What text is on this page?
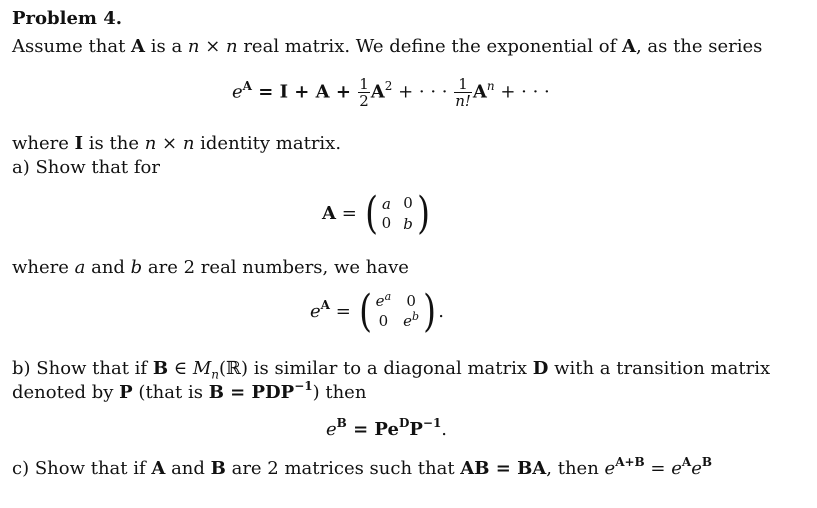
Problem 4.
Assume that A is a n × n real matrix. We define the exponential of A, as the series
$e^A = I + A + \frac{1}{2} A^2$ + · · · $\frac{1}{n!} A^n$ + · · ·
where I is the n × n identity matrix.
a) Show that for
A = ( a 0
0 b )
where a and b are 2 real numbers, we have
$e^A$ = ( $e^a$ 0
0 $e^b$ ) .
b) Show that if B ∈ $M_n(ℝ)$ is similar to a diagonal matrix D with a transition matrix
denoted by P (that is $B = PDP^{-1}$) then
$e^B = Pe^DP^{-1}$.
c) Show that if A and B are 2 matrices such that AB = BA, then $e^{A+B} = e^Ae^B$
